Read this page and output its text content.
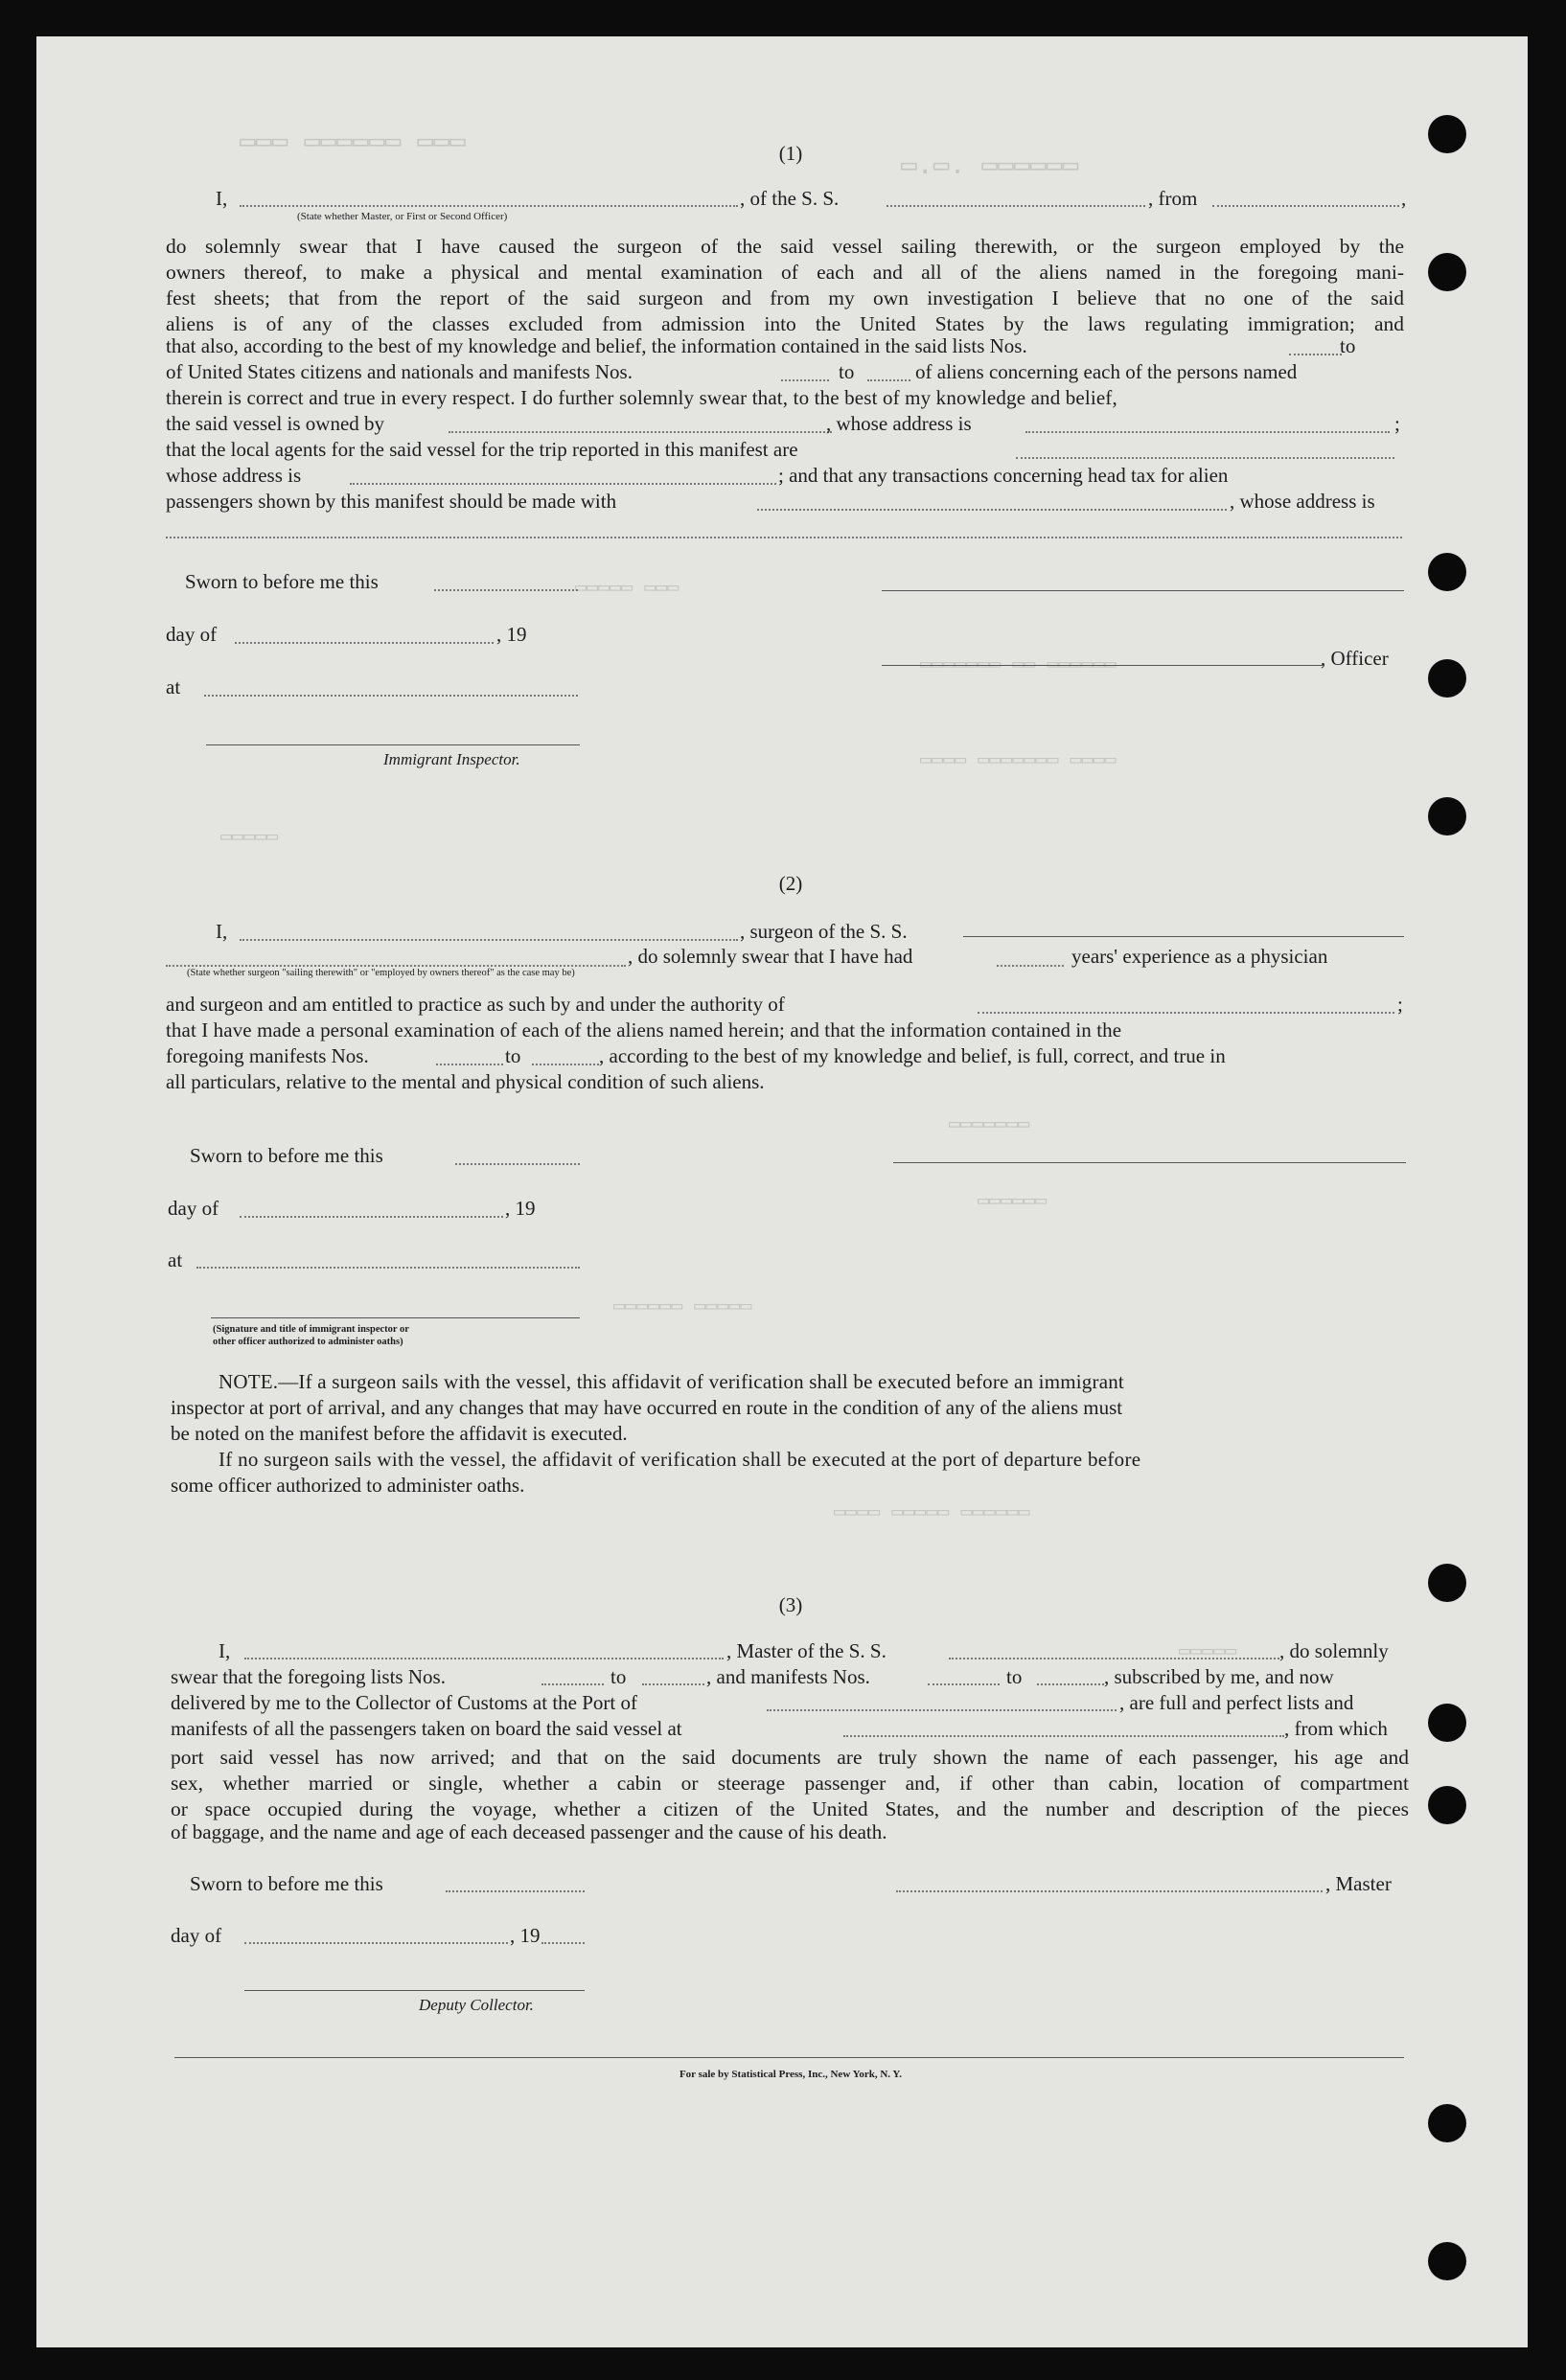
▭▭▭ ▭▭▭▭▭▭ ▭▭▭
▭.▭. ▭▭▭▭▭▭
▭▭▭▭▭ ▭▭▭
▭▭▭▭▭▭▭ ▭▭ ▭▭▭▭▭▭
▭▭▭▭ ▭▭▭▭▭▭▭ ▭▭▭▭
▭▭▭▭▭
▭▭▭▭▭▭▭
▭▭▭▭▭▭
▭▭▭▭▭▭ ▭▭▭▭▭
▭▭▭▭ ▭▭▭▭▭ ▭▭▭▭▭▭
▭▭▭▭▭
(1)
I,	, of the S. S.	, from	,
(State whether Master, or First or Second Officer)
do solemnly swear that I have caused the surgeon of the said vessel sailing therewith, or the surgeon employed by the
owners thereof, to make a physical and mental examination of each and all of the aliens named in the foregoing mani-
fest sheets; that from the report of the said surgeon and from my own investigation I believe that no one of the said
aliens is of any of the classes excluded from admission into the United States by the laws regulating immigration; and
that also, according to the best of my knowledge and belief, the information contained in the said lists Nos.	to
of United States citizens and nationals and manifests Nos.	to	of aliens concerning each of the persons named
therein is correct and true in every respect. I do further solemnly swear that, to the best of my knowledge and belief,
the said vessel is owned by	, whose address is	;
that the local agents for the said vessel for the trip reported in this manifest are
whose address is	; and that any transactions concerning head tax for alien
passengers shown by this manifest should be made with	, whose address is
Sworn to before me this
day of	, 19
at
Immigrant Inspector.
, Officer
(2)
I,	, surgeon of the S. S.
, do solemnly swear that I have had	years' experience as a physician
(State whether surgeon "sailing therewith" or "employed by owners thereof" as the case may be)
and surgeon and am entitled to practice as such by and under the authority of	;
that I have made a personal examination of each of the aliens named herein; and that the information contained in the
foregoing manifests Nos.	to	, according to the best of my knowledge and belief, is full, correct, and true in
all particulars, relative to the mental and physical condition of such aliens.
Sworn to before me this
day of	, 19
at
(Signature and title of immigrant inspector or
other officer authorized to administer oaths)
NOTE.—If a surgeon sails with the vessel, this affidavit of verification shall be executed before an immigrant
inspector at port of arrival, and any changes that may have occurred en route in the condition of any of the aliens must
be noted on the manifest before the affidavit is executed.
If no surgeon sails with the vessel, the affidavit of verification shall be executed at the port of departure before
some officer authorized to administer oaths.
(3)
I,	, Master of the S. S.	, do solemnly
swear that the foregoing lists Nos.	to	, and manifests Nos.	to	, subscribed by me, and now
delivered by me to the Collector of Customs at the Port of	, are full and perfect lists and
manifests of all the passengers taken on board the said vessel at	, from which
port said vessel has now arrived; and that on the said documents are truly shown the name of each passenger, his age and
sex, whether married or single, whether a cabin or steerage passenger and, if other than cabin, location of compartment
or space occupied during the voyage, whether a citizen of the United States, and the number and description of the pieces
of baggage, and the name and age of each deceased passenger and the cause of his death.
Sworn to before me this	, Master
day of	, 19
Deputy Collector.
For sale by Statistical Press, Inc., New York, N. Y.
